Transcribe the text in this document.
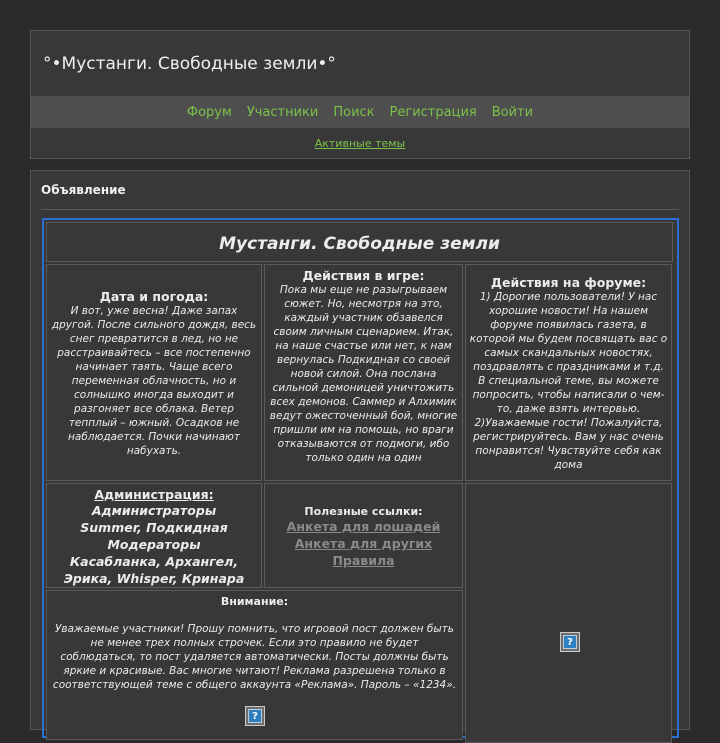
°•Мустанги. Свободные земли•°
Форум Участники Поиск Регистрация Войти
Активные темы
Объявление
Мустанги. Свободные земли
Дата и погода:
И вот, уже весна! Даже запах другой. После сильного дождя, весь снег превратится в лед, но не расстраивайтесь – все постепенно начинает таять. Чаще всего переменная облачность, но и солнышко иногда выходит и разгоняет все облака. Ветер тепплый – южный. Осадков не наблюдается. Почки начинают набухать.
Действия в игре:
Пока мы еще не разыгрываем сюжет. Но, несмотря на это, каждый участник обзавелся своим личным сценарием. Итак, на наше счастье или нет, к нам вернулась Подкидная со своей новой силой. Она послана сильной демоницей уничтожить всех демонов. Саммер и Алхимик ведут ожесточенный бой, многие пришли им на помощь, но враги отказываются от подмоги, ибо только один на один
Действия на форуме:
1) Дорогие пользователи! У нас хорошие новости! На нашем форуме появилась газета, в которой мы будем посвящать вас о самых скандальных новостях, поздравлять с праздниками и т.д. В специальной теме, вы можете попросить, чтобы написали о чем-то, даже взять интервью. 2)Уважаемые гости! Пожалуйста, регистрируйтесь. Вам у нас очень понравится! Чувствуйте себя как дома
Администрация:
Администраторы
Summer, Подкидная
Модераторы
Касабланка, Архангел,
Эрика, Whisper, Кринара
Полезные ссылки:
Анкета для лошадей
Анкета для других
Правила
?
Внимание:
Уважаемые участники! Прошу помнить, что игровой пост должен быть не менее трех полных строчек. Если это правило не будет соблюдаться, то пост удаляется автоматически. Посты должны быть яркие и красивые. Вас многие читают! Реклама разрешена только в соответствующей теме с общего аккаунта «Реклама». Пароль – «1234».
?
